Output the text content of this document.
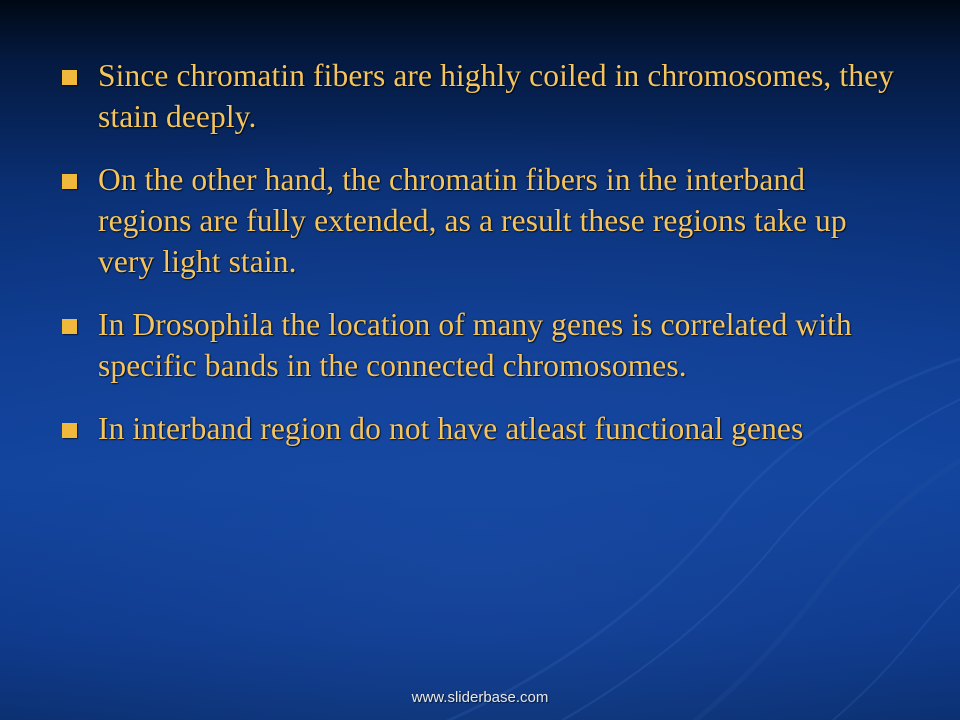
Since chromatin fibers are highly coiled in chromosomes, they stain deeply.
On the other hand, the chromatin fibers in the interband regions are fully extended, as a result these regions take up very light stain.
In Drosophila the location of many genes is correlated with specific bands in the connected chromosomes.
In interband region do not have atleast functional genes
www.sliderbase.com
